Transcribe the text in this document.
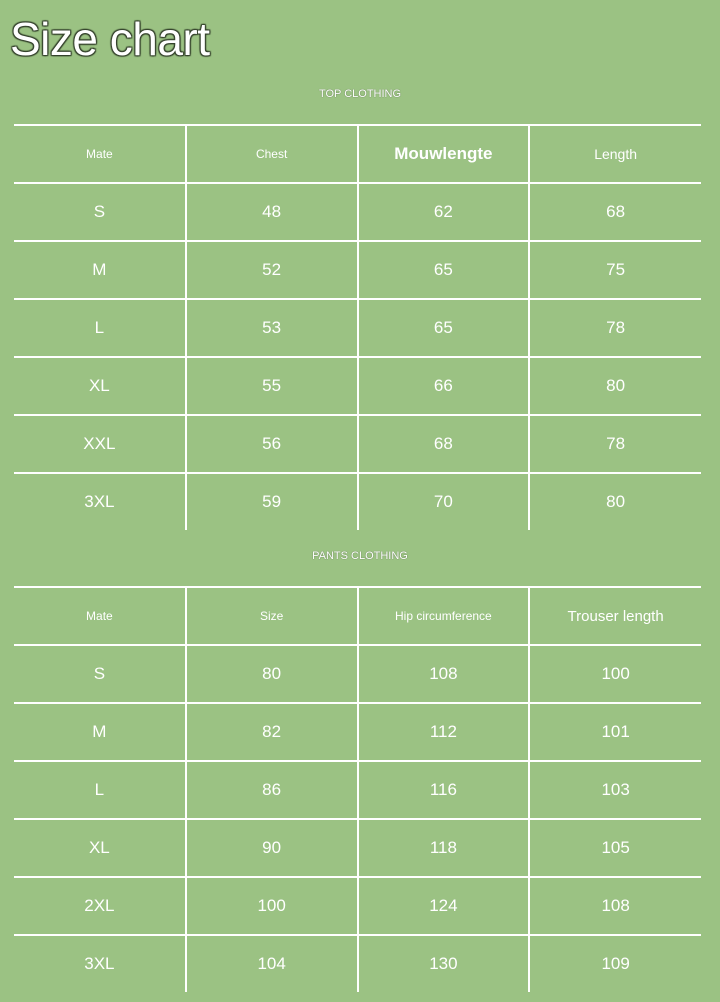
Size chart
TOP CLOTHING
Mate	Chest	Mouwlengte	Length
S	48	62	68
M	52	65	75
L	53	65	78
XL	55	66	80
XXL	56	68	78
3XL	59	70	80
PANTS CLOTHING
Mate	Size	Hip circumference	Trouser length
S	80	108	100
M	82	112	101
L	86	116	103
XL	90	118	105
2XL	100	124	108
3XL	104	130	109
